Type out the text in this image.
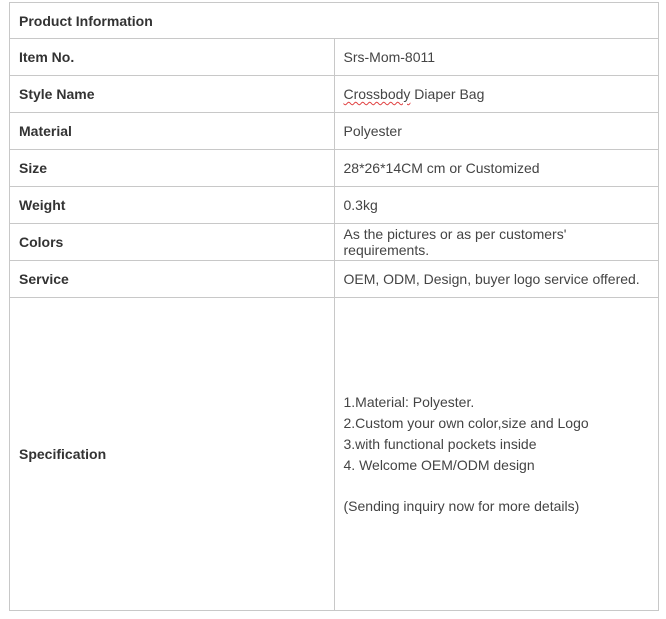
Product Information	
Item No.	Srs-Mom-8011
Style Name	Crossbody Diaper Bag
Material	Polyester
Size	28*26*14CM cm or Customized
Weight	0.3kg
Colors	As the pictures or as per customers' requirements.
Service	OEM, ODM, Design, buyer logo service offered.
Specification	1.Material: Polyester.
2.Custom your own color,size and Logo
3.with functional pockets inside
4. Welcome OEM/ODM design
(Sending inquiry now for more details)
